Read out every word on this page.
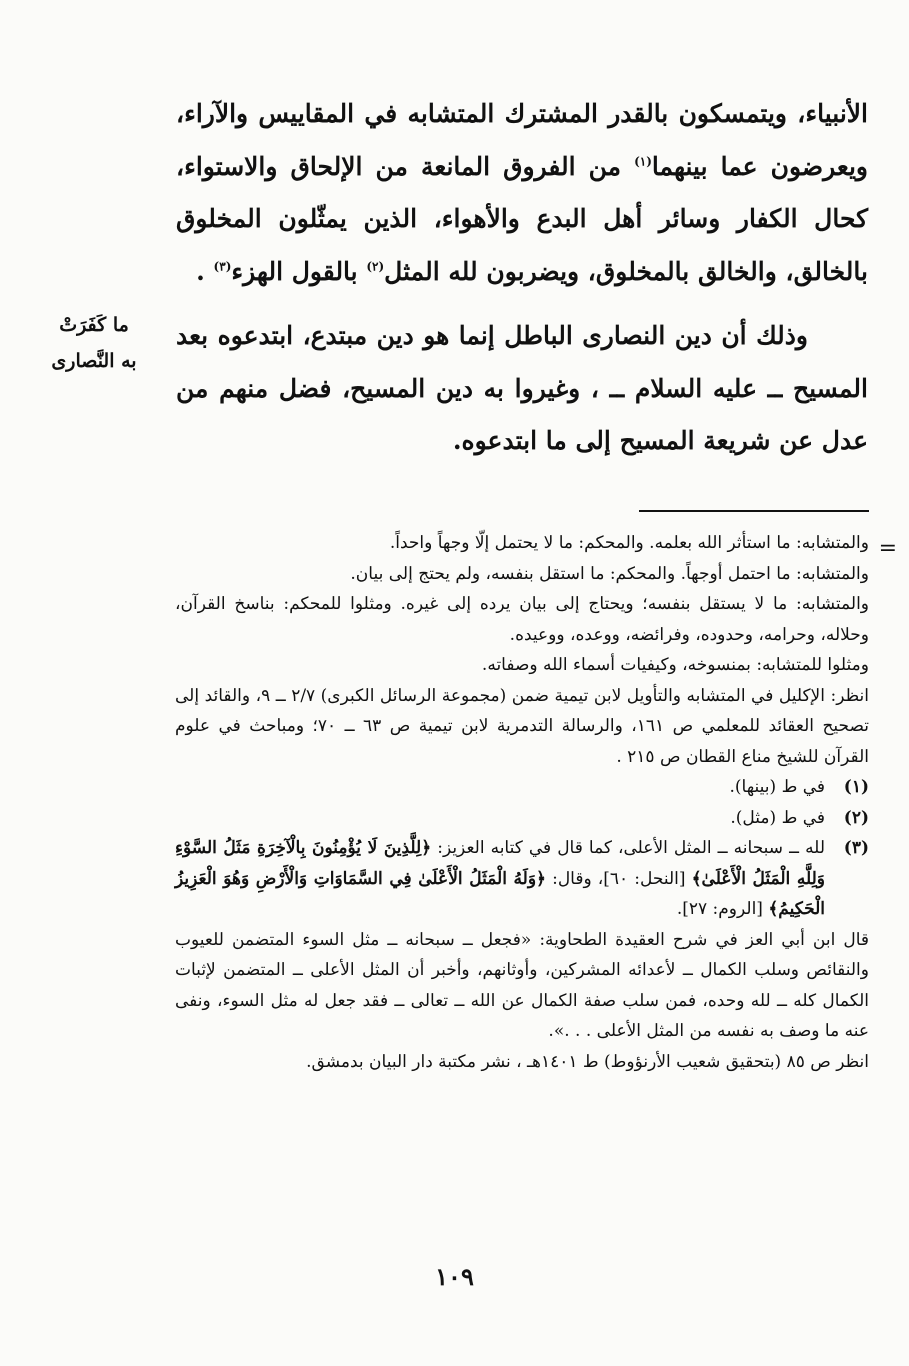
الأنبياء، ويتمسكون بالقدر المشترك المتشابه في المقاييس والآراء، ويعرضون عما بينهما$^{(١)}$ من الفروق المانعة من الإلحاق والاستواء، كحال الكفار وسائر أهل البدع والأهواء، الذين يمثّلون المخلوق بالخالق، والخالق بالمخلوق، ويضربون لله المثل$^{(٢)}$ بالقول الهزء$^{(٣)}$ .

وذلك أن دين النصارى الباطل إنما هو دين مبتدع، ابتدعوه بعد المسيح ــ عليه السلام ــ ، وغيروا به دين المسيح، فضل منهم من عدل عن شريعة المسيح إلى ما ابتدعوه.

ما كَفَرَتْ
به النَّصارى
=

والمتشابه: ما استأثر الله بعلمه. والمحكم: ما لا يحتمل إلّا وجهاً واحداً.

والمتشابه: ما احتمل أوجهاً. والمحكم: ما استقل بنفسه، ولم يحتج إلى بيان.

والمتشابه: ما لا يستقل بنفسه؛ ويحتاج إلى بيان يرده إلى غيره. ومثلوا للمحكم: بناسخ القرآن، وحلاله، وحرامه، وحدوده، وفرائضه، ووعده، ووعيده.

ومثلوا للمتشابه: بمنسوخه، وكيفيات أسماء الله وصفاته.

انظر: الإكليل في المتشابه والتأويل لابن تيمية ضمن (مجموعة الرسائل الكبرى) ٢/٧ ــ ٩، والقائد إلى تصحيح العقائد للمعلمي ص ١٦١، والرسالة التدمرية لابن تيمية ص ٦٣ ــ ٧٠؛ ومباحث في علوم القرآن للشيخ مناع القطان ص ٢١٥ .

(١)
في ط (بينها).
(٢)
في ط (مثل).
(٣)
لله ــ سبحانه ــ المثل الأعلى، كما قال في كتابه العزيز: ﴿لِلَّذِينَ لَا يُؤْمِنُونَ بِالْآخِرَةِ مَثَلُ السَّوْءِ وَلِلَّهِ الْمَثَلُ الْأَعْلَىٰ﴾ [النحل: ٦٠]، وقال: ﴿وَلَهُ الْمَثَلُ الْأَعْلَىٰ فِي السَّمَاوَاتِ وَالْأَرْضِ وَهُوَ الْعَزِيزُ الْحَكِيمُ﴾ [الروم: ٢٧].

قال ابن أبي العز في شرح العقيدة الطحاوية: «فجعل ــ سبحانه ــ مثل السوء المتضمن للعيوب والنقائص وسلب الكمال ــ لأعدائه المشركين، وأوثانهم، وأخبر أن المثل الأعلى ــ المتضمن لإثبات الكمال كله ــ لله وحده، فمن سلب صفة الكمال عن الله ــ تعالى ــ فقد جعل له مثل السوء، ونفى عنه ما وصف به نفسه من المثل الأعلى . . .».

انظر ص ٨٥ (بتحقيق شعيب الأرنؤوط) ط ١٤٠١هـ ، نشر مكتبة دار البيان بدمشق.

١٠٩
